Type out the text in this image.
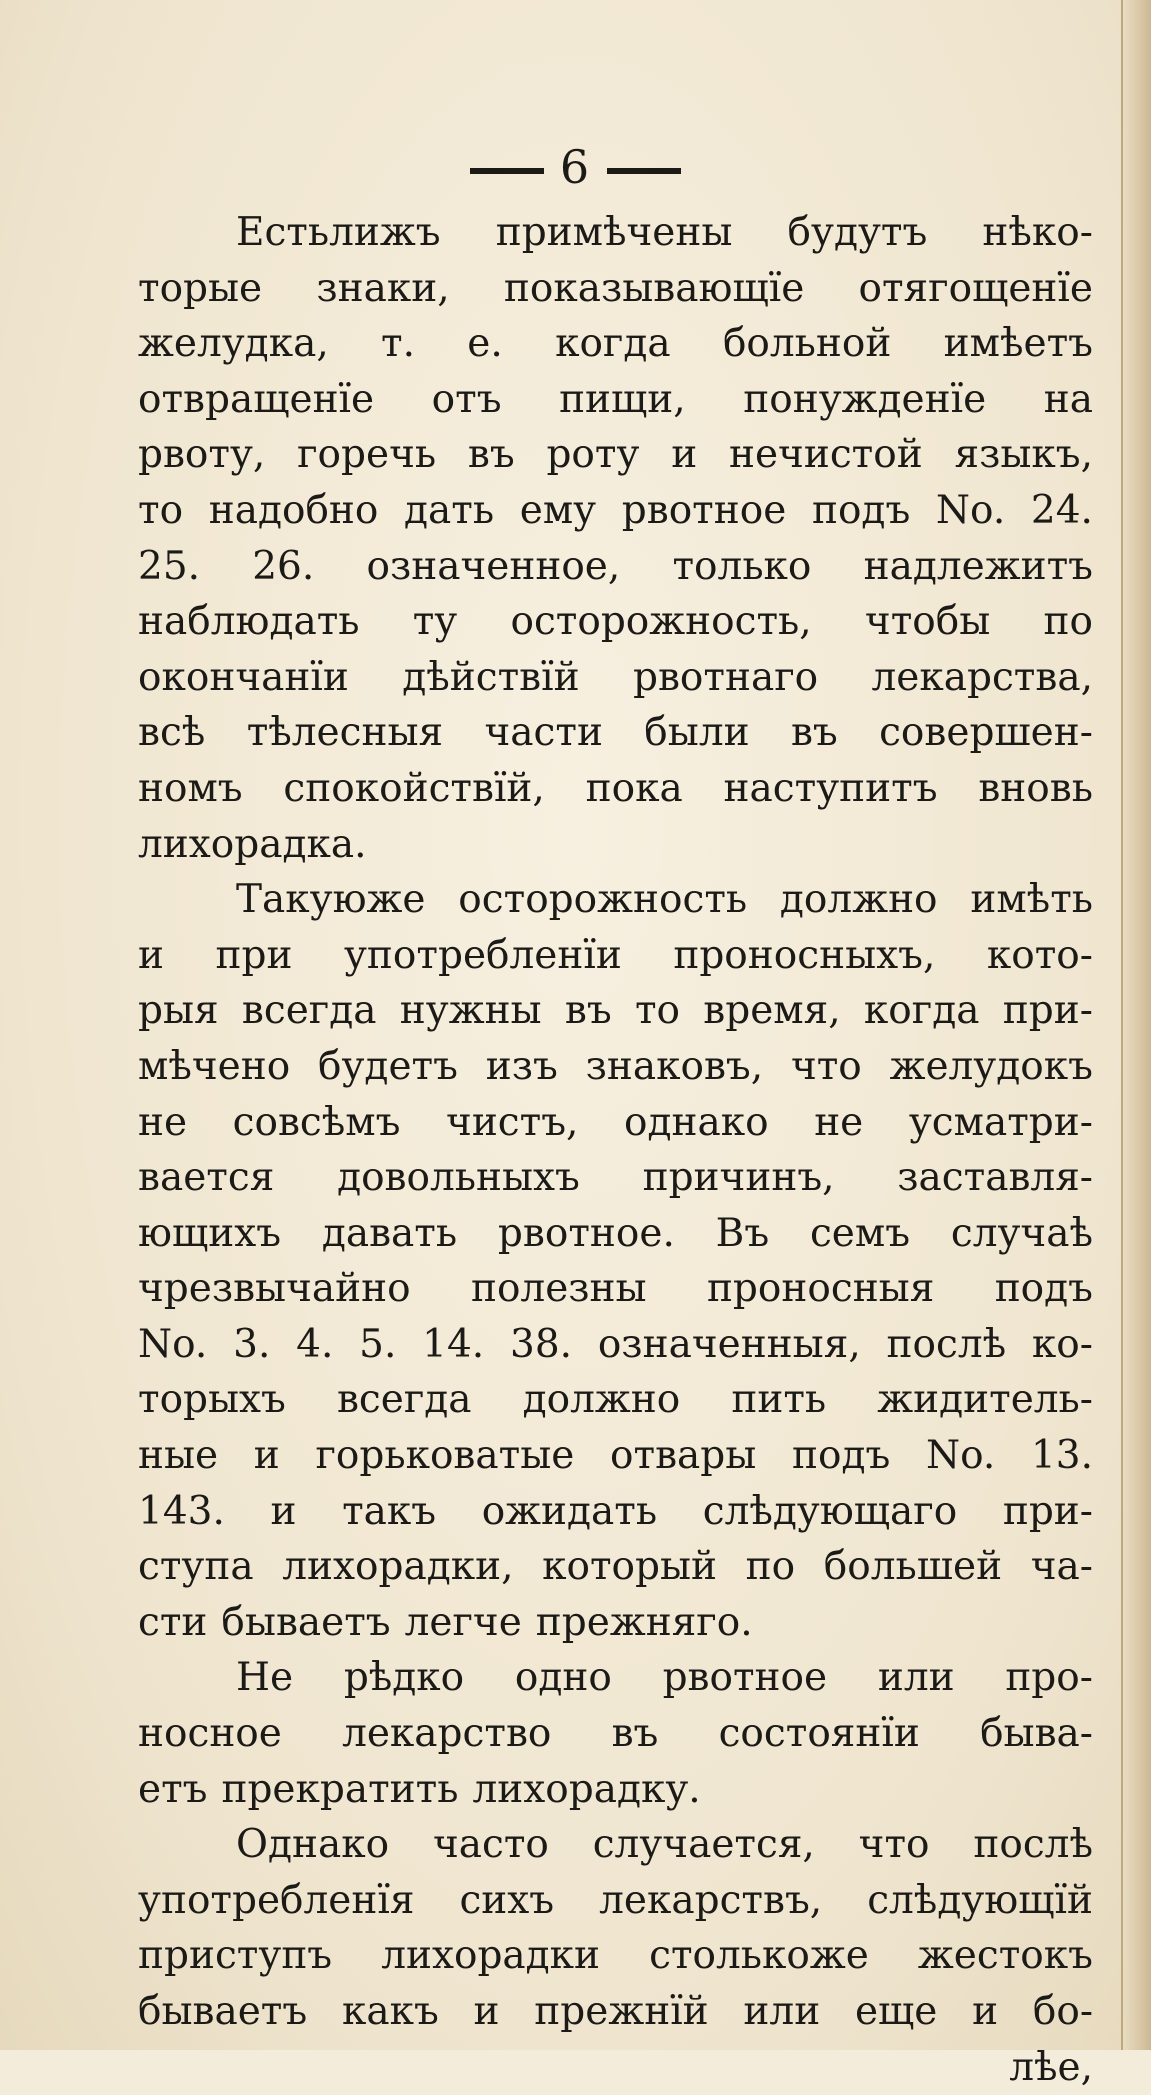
6
Естьлижъ примѣчены будутъ нѣко-
торые знаки, показывающїе отягощенїе
желудка, т. е. когда больной имѣетъ
отвращенїе отъ пищи, понужденїе на
рвоту, горечь въ роту и нечистой языкъ,
то надобно дать ему рвотное подъ No. 24.
25. 26. означенное, только надлежитъ
наблюдать ту осторожность, чтобы по
окончанїи дѣйствїй рвотнаго лекарства,
всѣ тѣлесныя части были въ совершен-
номъ спокойствїй, пока наступитъ вновь
лихорадка.
Такуюже осторожность должно имѣть
и при употребленїи проносныхъ, кото-
рыя всегда нужны въ то время, когда при-
мѣчено будетъ изъ знаковъ, что желудокъ
не совсѣмъ чистъ, однако не усматри-
вается довольныхъ причинъ, заставля-
ющихъ давать рвотное. Въ семъ случаѣ
чрезвычайно полезны проносныя подъ
No. 3. 4. 5. 14. 38. означенныя, послѣ ко-
торыхъ всегда должно пить жидитель-
ные и горьковатые отвары подъ No. 13.
143. и такъ ожидать слѣдующаго при-
ступа лихорадки, который по большей ча-
сти бываетъ легче прежняго.
Не рѣдко одно рвотное или про-
носное лекарство въ состоянїи быва-
етъ прекратить лихорадку.
Однако часто случается, что послѣ
употребленїя сихъ лекарствъ, слѣдующїй
приступъ лихорадки столькоже жестокъ
бываетъ какъ и прежнїй или еще и бо-
лѣе,
